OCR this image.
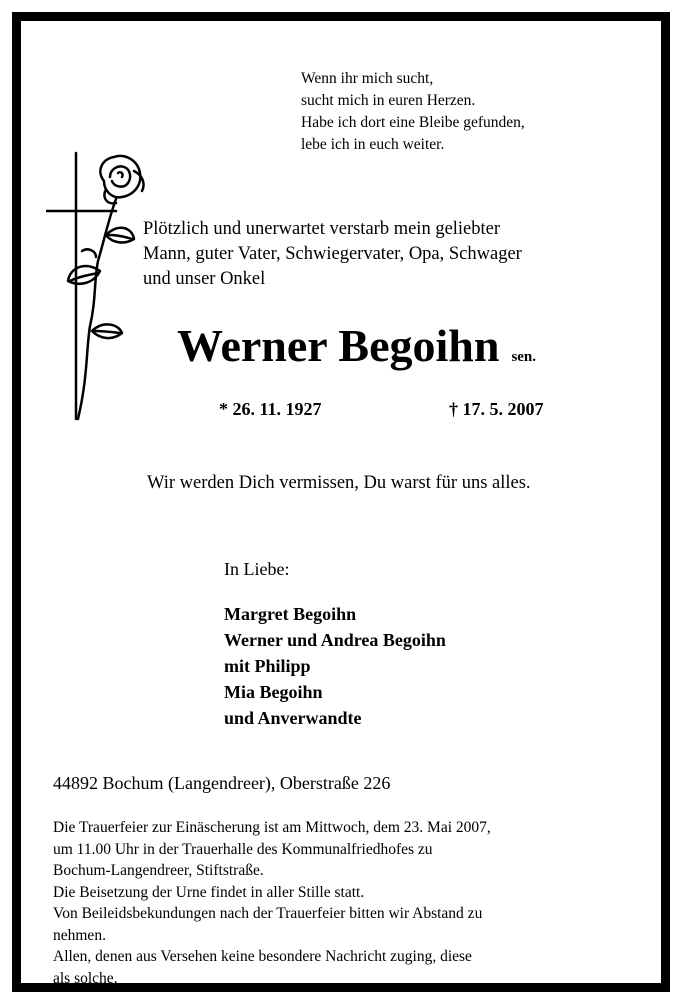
Wenn ihr mich sucht,
sucht mich in euren Herzen.
Habe ich dort eine Bleibe gefunden,
lebe ich in euch weiter.
Plötzlich und unerwartet verstarb mein geliebter
Mann, guter Vater, Schwiegervater, Opa, Schwager
und unser Onkel
Werner Begoihn sen.
* 26. 11. 1927	† 17. 5. 2007
Wir werden Dich vermissen, Du warst für uns alles.
In Liebe:
Margret Begoihn
Werner und Andrea Begoihn
mit Philipp
Mia Begoihn
und Anverwandte
44892 Bochum (Langendreer), Oberstraße 226
Die Trauerfeier zur Einäscherung ist am Mittwoch, dem 23. Mai 2007,
um 11.00 Uhr in der Trauerhalle des Kommunalfriedhofes zu
Bochum-Langendreer, Stiftstraße.
Die Beisetzung der Urne findet in aller Stille statt.
Von Beileidsbekundungen nach der Trauerfeier bitten wir Abstand zu
nehmen.
Allen, denen aus Versehen keine besondere Nachricht zuging, diese
als solche.
